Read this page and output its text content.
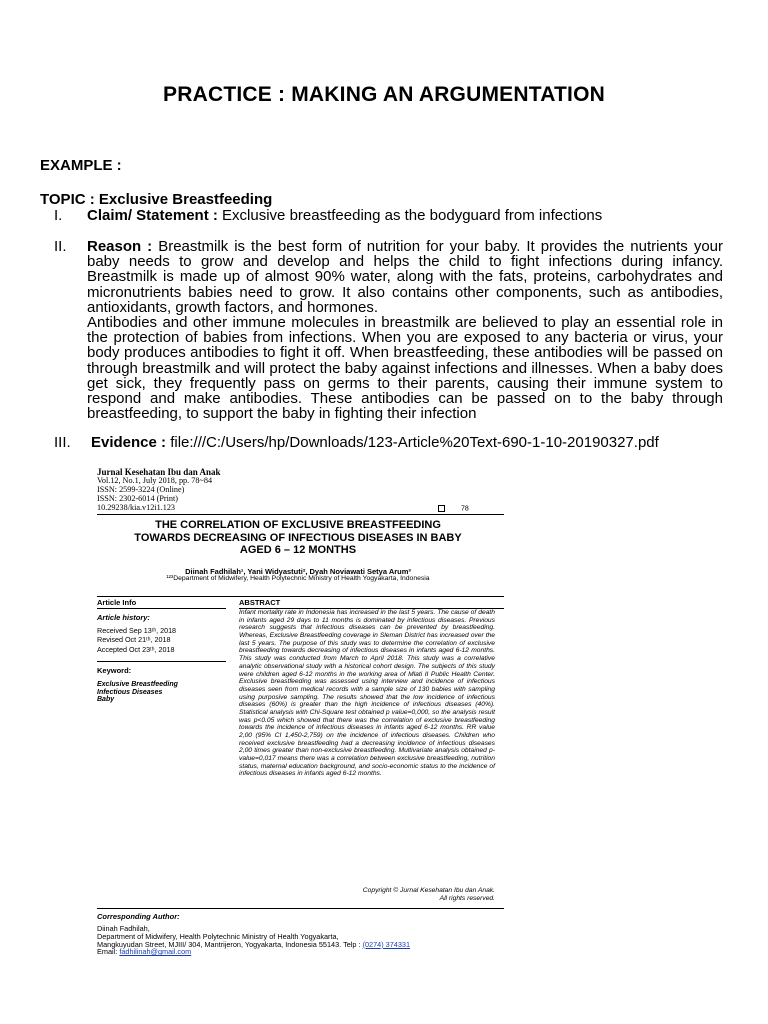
PRACTICE : MAKING AN ARGUMENTATION
EXAMPLE :
TOPIC : Exclusive Breastfeeding
I. Claim/ Statement : Exclusive breastfeeding as the bodyguard from infections
II. Reason : Breastmilk is the best form of nutrition for your baby. It provides the nutrients your baby needs to grow and develop and helps the child to fight infections during infancy. Breastmilk is made up of almost 90% water, along with the fats, proteins, carbohydrates and micronutrients babies need to grow. It also contains other components, such as antibodies, antioxidants, growth factors, and hormones.

Antibodies and other immune molecules in breastmilk are believed to play an essential role in the protection of babies from infections. When you are exposed to any bacteria or virus, your body produces antibodies to fight it off. When breastfeeding, these antibodies will be passed on through breastmilk and will protect the baby against infections and illnesses. When a baby does get sick, they frequently pass on germs to their parents, causing their immune system to respond and make antibodies. These antibodies can be passed on to the baby through breastfeeding, to support the baby in fighting their infection

III. Evidence : file:///C:/Users/hp/Downloads/123-Article%20Text-690-1-10-20190327.pdf
Jurnal Kesehatan Ibu dan Anak
Vol.12, No.1, July 2018, pp. 78~84
ISSN: 2599-3224 (Online)
ISSN: 2302-6014 (Print)
10.29238/kia.v12i1.123	78
THE CORRELATION OF EXCLUSIVE BREASTFEEDING
TOWARDS DECREASING OF INFECTIOUS DISEASES IN BABY
AGED 6 – 12 MONTHS
Diinah Fadhilah¹, Yani Widyastuti², Dyah Noviawati Setya Arum³
¹²³Department of Midwifery, Health Polytechnic Ministry of Health Yogyakarta, Indonesia
Article Info	ABSTRACT
Article history:
Received Sep 13ᵗʰ, 2018
Revised Oct 21ᵗʰ, 2018
Accepted Oct 23ᵗʰ, 2018
Keyword:
Exclusive Breastfeeding
Infectious Diseases
Baby
Infant mortality rate in Indonesia has increased in the last 5 years. The cause of death in infants aged 29 days to 11 months is dominated by infectious diseases. Previous research suggests that infectious diseases can be prevented by breastfeeding. Whereas, Exclusive Breastfeeding coverage in Sleman District has increased over the last 5 years. The purpose of this study was to determine the correlation of exclusive breastfeeding towards decreasing of infectious diseases in infants aged 6-12 months. This study was conducted from March to April 2018. This study was a correlative analytic observational study with a historical cohort design. The subjects of this study were children aged 6-12 months in the working area of Mlati II Public Health Center. Exclusive breastfeeding was assessed using interview and incidence of infectious diseases seen from medical records with a sample size of 130 babies with sampling using purposive sampling. The results showed that the low incidence of infectious diseases (60%) is greater than the high incidence of infectious diseases (40%). Statistical analysis with Chi-Square test obtained p value=0,000, so the analysis result was p<0.05 which showed that there was the correlation of exclusive breastfeeding towards the incidence of infectious diseases in infants aged 6-12 months. RR value 2,00 (95% CI 1,450-2,759) on the incidence of infectious diseases. Children who received exclusive breastfeeding had a decreasing incidence of infectious diseases 2,00 times greater than non-exclusive breastfeeding. Multivariate analysis obtained p-value=0,017 means there was a correlation between exclusive breastfeeding, nutrition status, maternal education background, and socio-economic status to the incidence of infectious diseases in infants aged 6-12 months.
Copyright © Jurnal Kesehatan Ibu dan Anak.
All rights reserved.
Corresponding Author:
Diinah Fadhilah,
Department of Midwifery, Health Polytechnic Ministry of Health Yogyakarta,
Mangkuyudan Street, MJIII/ 304, Mantrijeron, Yogyakarta, Indonesia 55143. Telp : (0274) 374331
Email: fadhilinah@gmail.com
